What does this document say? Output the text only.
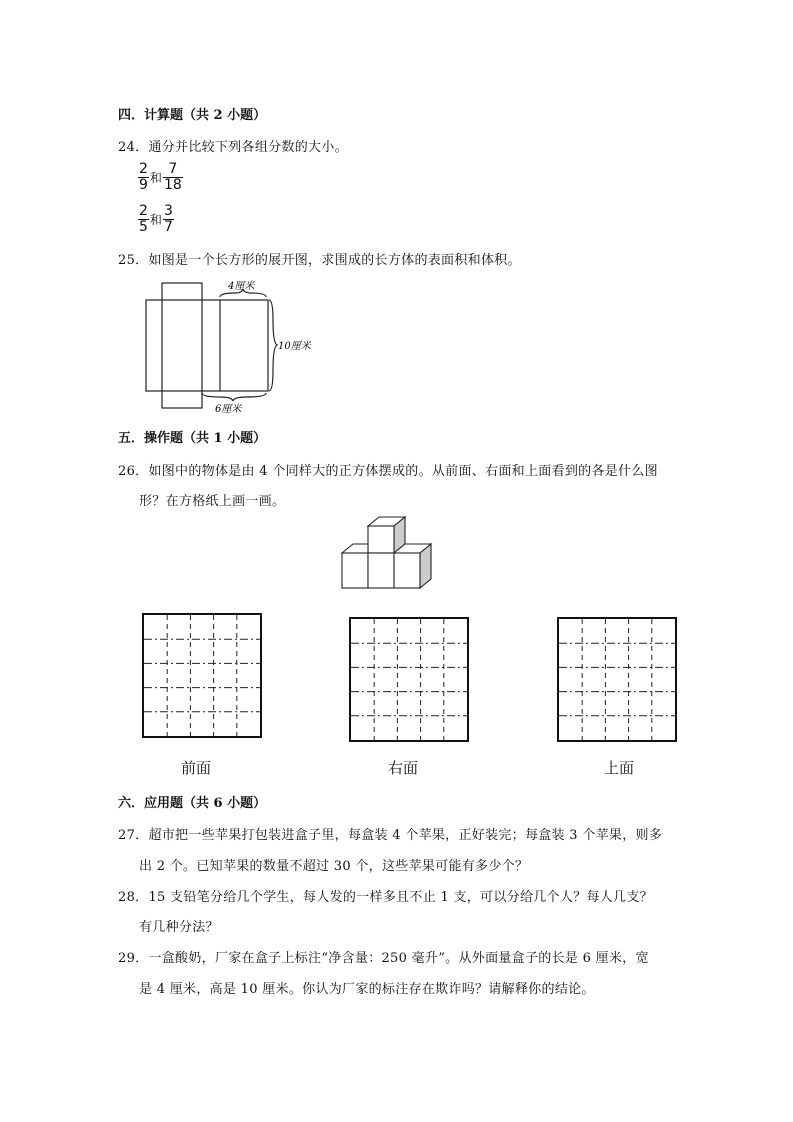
四．计算题（共 2 小题）
24．通分并比较下列各组分数的大小。
$\frac{2}{9}$ 和 $\frac{7}{18}$
$\frac{2}{5}$ 和 $\frac{3}{7}$
25．如图是一个长方形的展开图，求围成的长方体的表面积和体积。
4厘米
10厘米
6厘米
五．操作题（共 1 小题）
26．如图中的物体是由 4 个同样大的正方体摆成的。从前面、右面和上面看到的各是什么图
形？在方格纸上画一画。
前面	右面	上面
六．应用题（共 6 小题）
27．超市把一些苹果打包装进盒子里，每盒装 4 个苹果，正好装完；每盒装 3 个苹果，则多
出 2 个。已知苹果的数量不超过 30 个，这些苹果可能有多少个？
28．15 支铅笔分给几个学生，每人发的一样多且不止 1 支，可以分给几个人？每人几支？
有几种分法？
29．一盒酸奶，厂家在盒子上标注“净含量：250 毫升”。从外面量盒子的长是 6 厘米，宽
是 4 厘米，高是 10 厘米。你认为厂家的标注存在欺诈吗？请解释你的结论。
